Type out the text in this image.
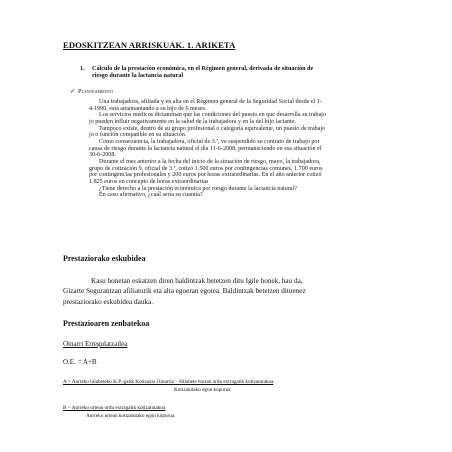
EDOSKITZEAN ARRISKUAK. 1. ARIKETA
1. Cálculo de la prestación económica, en el Régimen general, derivada de situación de
riesgo durante la lactancia natural
✓ Planteamiento
Una trabajadora, afiliada y en alta en el Régimen general de la Seguridad Social desde el 1-
4-1990, está amamantando a su hijo de 6 meses.
Los servicios médicos dictaminan que las condiciones del puesto en que desarrolla su trabajo
jo pueden influir negativamente en la salud de la trabajadora y en la del hijo lactante.
Tampoco existe, dentro de su grupo profesional o categoría equivalente, un puesto de trabajo
jo o función compatible en su situación.
Como consecuencia, la trabajadora, oficial de 3.ª, ve suspendido su contrato de trabajo por
causa de riesgo durante la lactancia natural el día 11-6-2008, permaneciendo en esa situación el
30-6-2008.
Durante el mes anterior a la fecha del inicio de la situación de riesgo, mayo, la trabajadora,
grupo de cotización 9, oficial de 3.ª, cotizó 1.500 euros por contingencias comunes, 1.700 euros
por contingencias profesionales y 200 euros por horas extraordinarias. En el año anterior cotizó
1.825 euros en concepto de horas extraordinarias
¿Tiene derecho a la prestación económica por riesgo durante la lactancia natural?
En caso afirmativo, ¿cuál sería su cuantía?
Prestaziorako eskubidea
Kasu honetan eskatzen diren baldintzak betetzen ditu Igile honek, hau da,
Gizarte Segurantzan afiliaturik eta alta egoeran egotea. Baldintzak betetzen dituenez
prestaziorako eskubidea dauka.
Prestazioaren zenbatekoa
Oinarri Erregulatzailea
O.E. = A+B
A = Aurreko hilabeteko K.P.-gatik Kotizazio Oinarria – Hilabete hortan ordu extragatik kotizatutakoa
Kotizatutako egun kopurua
B = Aurreko urtean ordu extragatik kotizatutakoa
Aurreko urtean kotizatutako egun kopurua
